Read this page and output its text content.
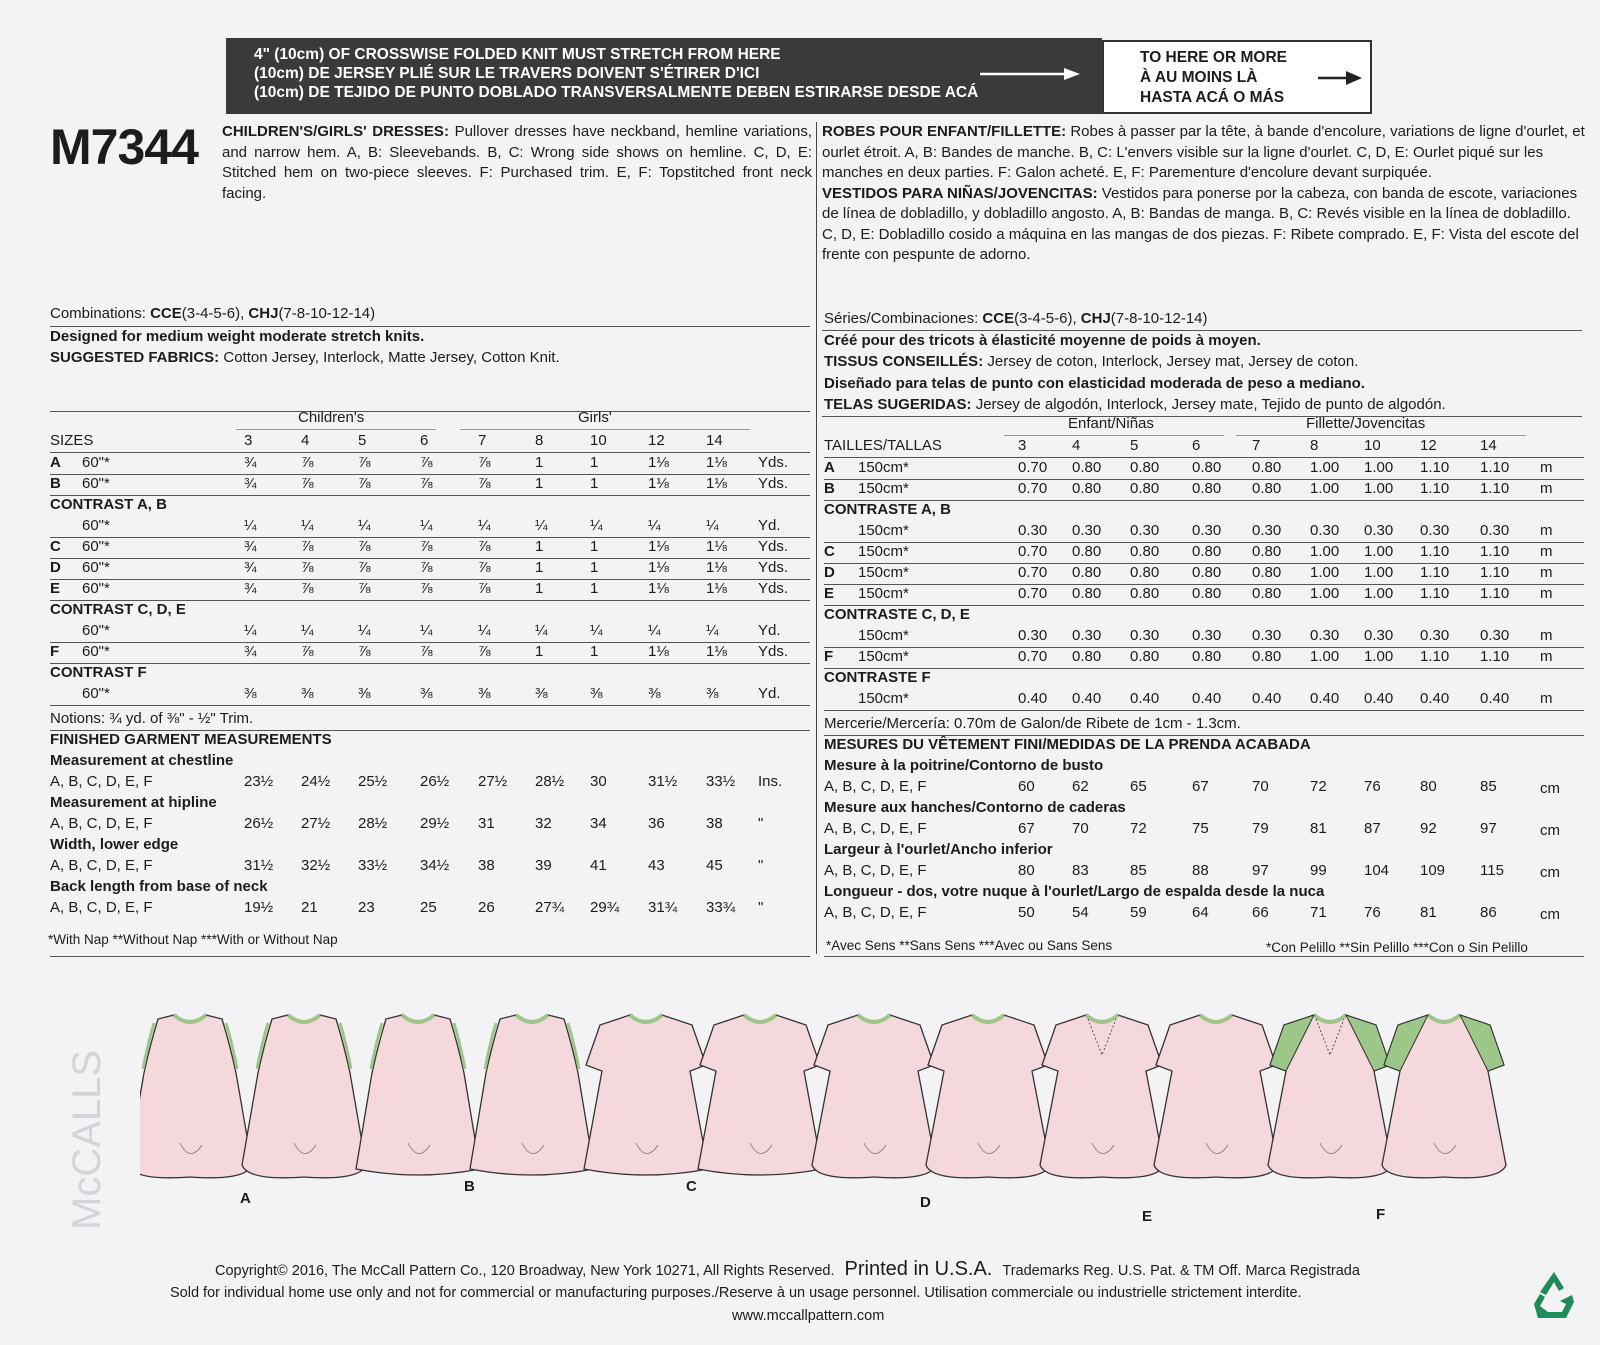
4" (10cm) OF CROSSWISE FOLDED KNIT MUST STRETCH FROM HERE
(10cm) DE JERSEY PLIÉ SUR LE TRAVERS DOIVENT S'ÉTIRER D'ICI
(10cm) DE TEJIDO DE PUNTO DOBLADO TRANSVERSALMENTE DEBEN ESTIRARSE DESDE ACÁ
TO HERE OR MORE
À AU MOINS LÀ
HASTA ACÁ O MÁS
M7344 CHILDREN'S/GIRLS' DRESSES: Pullover dresses have neckband, hemline variations, and narrow hem. A, B: Sleevebands. B, C: Wrong side shows on hemline. C, D, E: Stitched hem on two-piece sleeves. F: Purchased trim. E, F: Topstitched front neck facing.
ROBES POUR ENFANT/FILLETTE: Robes à passer par la tête, à bande d'encolure, variations de ligne d'ourlet, et ourlet étroit. A, B: Bandes de manche. B, C: L'envers visible sur la ligne d'ourlet. C, D, E: Ourlet piqué sur les manches en deux parties. F: Galon acheté. E, F: Parementure d'encolure devant surpiquée.
VESTIDOS PARA NIÑAS/JOVENCITAS: Vestidos para ponerse por la cabeza, con banda de escote, variaciones de línea de dobladillo, y dobladillo angosto. A, B: Bandas de manga. B, C: Revés visible en la línea de dobladillo. C, D, E: Dobladillo cosido a máquina en las mangas de dos piezas. F: Ribete comprado. E, F: Vista del escote del frente con pespunte de adorno.
Combinations: CCE(3-4-5-6), CHJ(7-8-10-12-14)
Designed for medium weight moderate stretch knits.
SUGGESTED FABRICS: Cotton Jersey, Interlock, Matte Jersey, Cotton Knit.
Séries/Combinaciones: CCE(3-4-5-6), CHJ(7-8-10-12-14)
Créé pour des tricots à élasticité moyenne de poids à moyen.
TISSUS CONSEILLÉS: Jersey de coton, Interlock, Jersey mat, Jersey de coton.
Diseñado para telas de punto con elasticidad moderada de peso a mediano.
TELAS SUGERIDAS: Jersey de algodón, Interlock, Jersey mate, Tejido de punto de algodón.
Children's	Girls'
SIZES	3	4	5	6	7	8	10	12	14
A 60"*	¾	⅞	⅞	⅞	⅞	1	1	1⅛ 1⅛ Yds.
B 60"*	¾	⅞	⅞	⅞	⅞	1	1	1⅛ 1⅛ Yds.
CONTRAST A, B
60"*	¼	¼	¼	¼	¼	¼	¼	¼	¼	Yd.
C 60"*	¾	⅞	⅞	⅞	⅞	1	1	1⅛ 1⅛ Yds.
D 60"*	¾	⅞	⅞	⅞	⅞	1	1	1⅛ 1⅛ Yds.
E 60"*	¾	⅞	⅞	⅞	⅞	1	1	1⅛ 1⅛ Yds.
CONTRAST C, D, E
60"*	¼	¼	¼	¼	¼	¼	¼	¼	¼	Yd.
F 60"*	¾	⅞	⅞	⅞	⅞	1	1	1⅛ 1⅛ Yds.
CONTRAST F
60"*	⅜	⅜	⅜	⅜	⅜	⅜	⅜	⅜	⅜	Yd.
Notions: ¾ yd. of ⅜" - ½" Trim.
FINISHED GARMENT MEASUREMENTS
Measurement at chestline
A, B, C, D, E, F	23½ 24½ 25½ 26½ 27½ 28½ 30	31½ 33½ Ins.
Measurement at hipline
A, B, C, D, E, F	26½ 27½ 28½ 29½ 31	32	34	36	38 "
Width, lower edge
A, B, C, D, E, F	31½ 32½ 33½ 34½ 38	39	41	43	45 "
Back length from base of neck
A, B, C, D, E, F	19½ 21	23	25	26	27¾ 29¾ 31¾ 33¾ "
Enfant/Niñas	Fillette/Jovencitas
TAILLES/TALLAS	3	4	5	6	7	8	10	12	14
A 150cm*	0.70 0.80 0.80 0.80 0.80 1.00 1.00 1.10 1.10 m
B 150cm*	0.70 0.80 0.80 0.80 0.80 1.00 1.00 1.10 1.10 m
CONTRASTE A, B
150cm*	0.30 0.30 0.30 0.30 0.30 0.30 0.30 0.30 0.30 m
C 150cm*	0.70 0.80 0.80 0.80 0.80 1.00 1.00 1.10 1.10 m
D 150cm*	0.70 0.80 0.80 0.80 0.80 1.00 1.00 1.10 1.10 m
E 150cm*	0.70 0.80 0.80 0.80 0.80 1.00 1.00 1.10 1.10 m
CONTRASTE C, D, E
150cm*	0.30 0.30 0.30 0.30 0.30 0.30 0.30 0.30 0.30 m
F 150cm*	0.70 0.80 0.80 0.80 0.80 1.00 1.00 1.10 1.10 m
CONTRASTE F
150cm*	0.40 0.40 0.40 0.40 0.40 0.40 0.40 0.40 0.40 m
Mercerie/Mercería: 0.70m de Galon/de Ribete de 1cm - 1.3cm.
MESURES DU VÊTEMENT FINI/MEDIDAS DE LA PRENDA ACABADA
Mesure à la poitrine/Contorno de busto
A, B, C, D, E, F	60 62	65	67	70	72 76	80	85	cm
Mesure aux hanches/Contorno de caderas
A, B, C, D, E, F	67 70	72	75	79	81 87	92	97	cm
Largeur à l'ourlet/Ancho inferior
A, B, C, D, E, F	80 83	85	88	97	99 104 109 115 cm
Longueur - dos, votre nuque à l'ourlet/Largo de espalda desde la nuca
A, B, C, D, E, F	50 54	59	64	66	71 76	81	86	cm
*With Nap **Without Nap ***With or Without Nap	*Avec Sens **Sans Sens ***Avec ou Sans Sens	*Con Pelillo **Sin Pelillo ***Con o Sin Pelillo
A
B	C
D
E	F
McCALLS
Copyright© 2016, The McCall Pattern Co., 120 Broadway, New York 10271, All Rights Reserved. Printed in U.S.A. Trademarks Reg. U.S. Pat. & TM Off. Marca Registrada
Sold for individual home use only and not for commercial or manufacturing purposes./Reserve à un usage personnel. Utilisation commerciale ou industrielle strictement interdite.
www.mccallpattern.com
